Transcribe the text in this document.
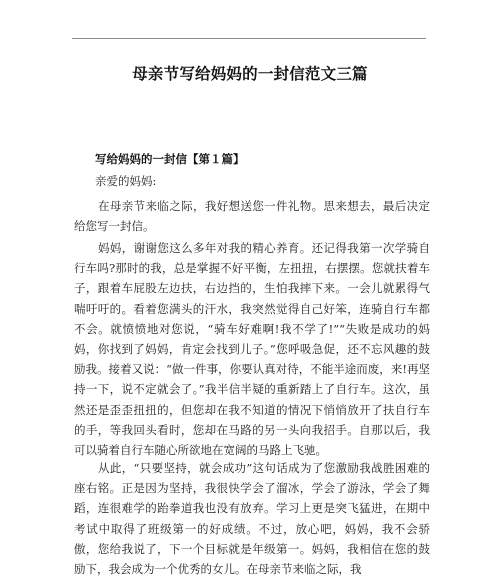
母亲节写给妈妈的一封信范文三篇
写给妈妈的一封信【第１篇】

亲爱的妈妈:

在母亲节来临之际，我好想送您一件礼物。思来想去，最后决定给您写一封信。

妈妈，谢谢您这么多年对我的精心养育。还记得我第一次学骑自行车吗?那时的我，总是掌握不好平衡，左扭扭，右摆摆。您就扶着车子，跟着车屁股左边扶，右边挡的，生怕我摔下来。一会儿就累得气喘吁吁的。看着您满头的汗水，我突然觉得自己好笨，连骑自行车都不会。就愤愤地对您说，“骑车好难啊!我不学了!”“失败是成功的妈妈，你找到了妈妈，肯定会找到儿子。”您呼吸急促，还不忘风趣的鼓励我。接着又说：“做一件事，你要认真对待，不能半途而废，来!再坚持一下，说不定就会了。”我半信半疑的重新踏上了自行车。这次，虽然还是歪歪扭扭的，但您却在我不知道的情况下悄悄放开了扶自行车的手，等我回头看时，您却在马路的另一头向我招手。自那以后，我可以骑着自行车随心所欲地在宽阔的马路上飞驰。

从此，“只要坚持，就会成功”这句话成为了您激励我战胜困难的座右铭。正是因为坚持，我很快学会了溜冰，学会了游泳，学会了舞蹈，连很难学的跆拳道我也没有放弃。学习上更是突飞猛进，在期中考试中取得了班级第一的好成绩。不过，放心吧，妈妈，我不会骄傲，您给我说了，下一个目标就是年级第一。妈妈，我相信在您的鼓励下，我会成为一个优秀的女儿。在母亲节来临之际，我
